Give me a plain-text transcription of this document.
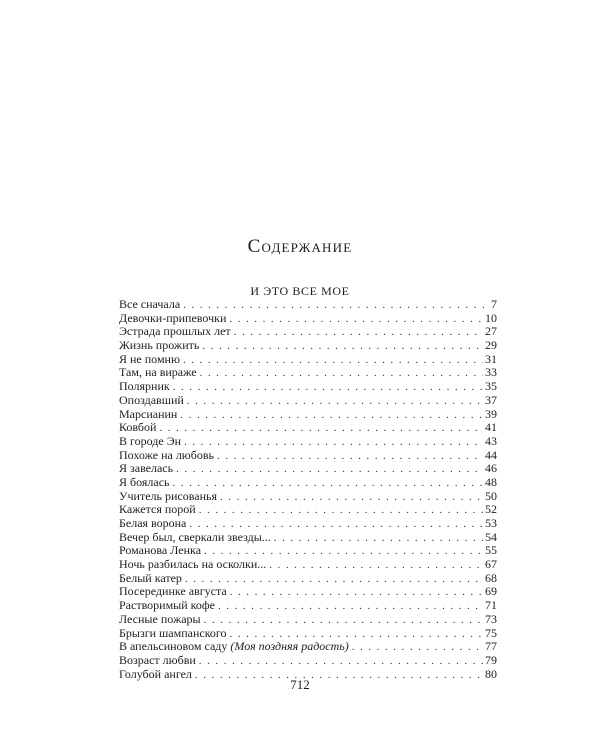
Содержание
И ЭТО ВСЕ МОЕ
Все сначала . . .	7
Девочки-припевочки . . .	10
Эстрада прошлых лет . . .	27
Жизнь прожить . . .	29
Я не помню . . .	31
Там, на вираже . . .	33
Полярник . . .	35
Опоздавший . . .	37
Марсианин . . .	39
Ковбой . . .	41
В городе Эн . . .	43
Похоже на любовь . . .	44
Я завелась . . .	46
Я боялась . . .	48
Учитель рисованья . . .	50
Кажется порой . . .	52
Белая ворона . . .	53
Вечер был, сверкали звезды... . . .	54
Романова Ленка . . .	55
Ночь разбилась на осколки... . . .	67
Белый катер . . .	68
Посерединке августа . . .	69
Растворимый кофе . . .	71
Лесные пожары . . .	73
Брызги шампанского . . .	75
В апельсиновом саду (Моя поздняя радость) . . .	77
Возраст любви . . .	79
Голубой ангел . . .	80
712
